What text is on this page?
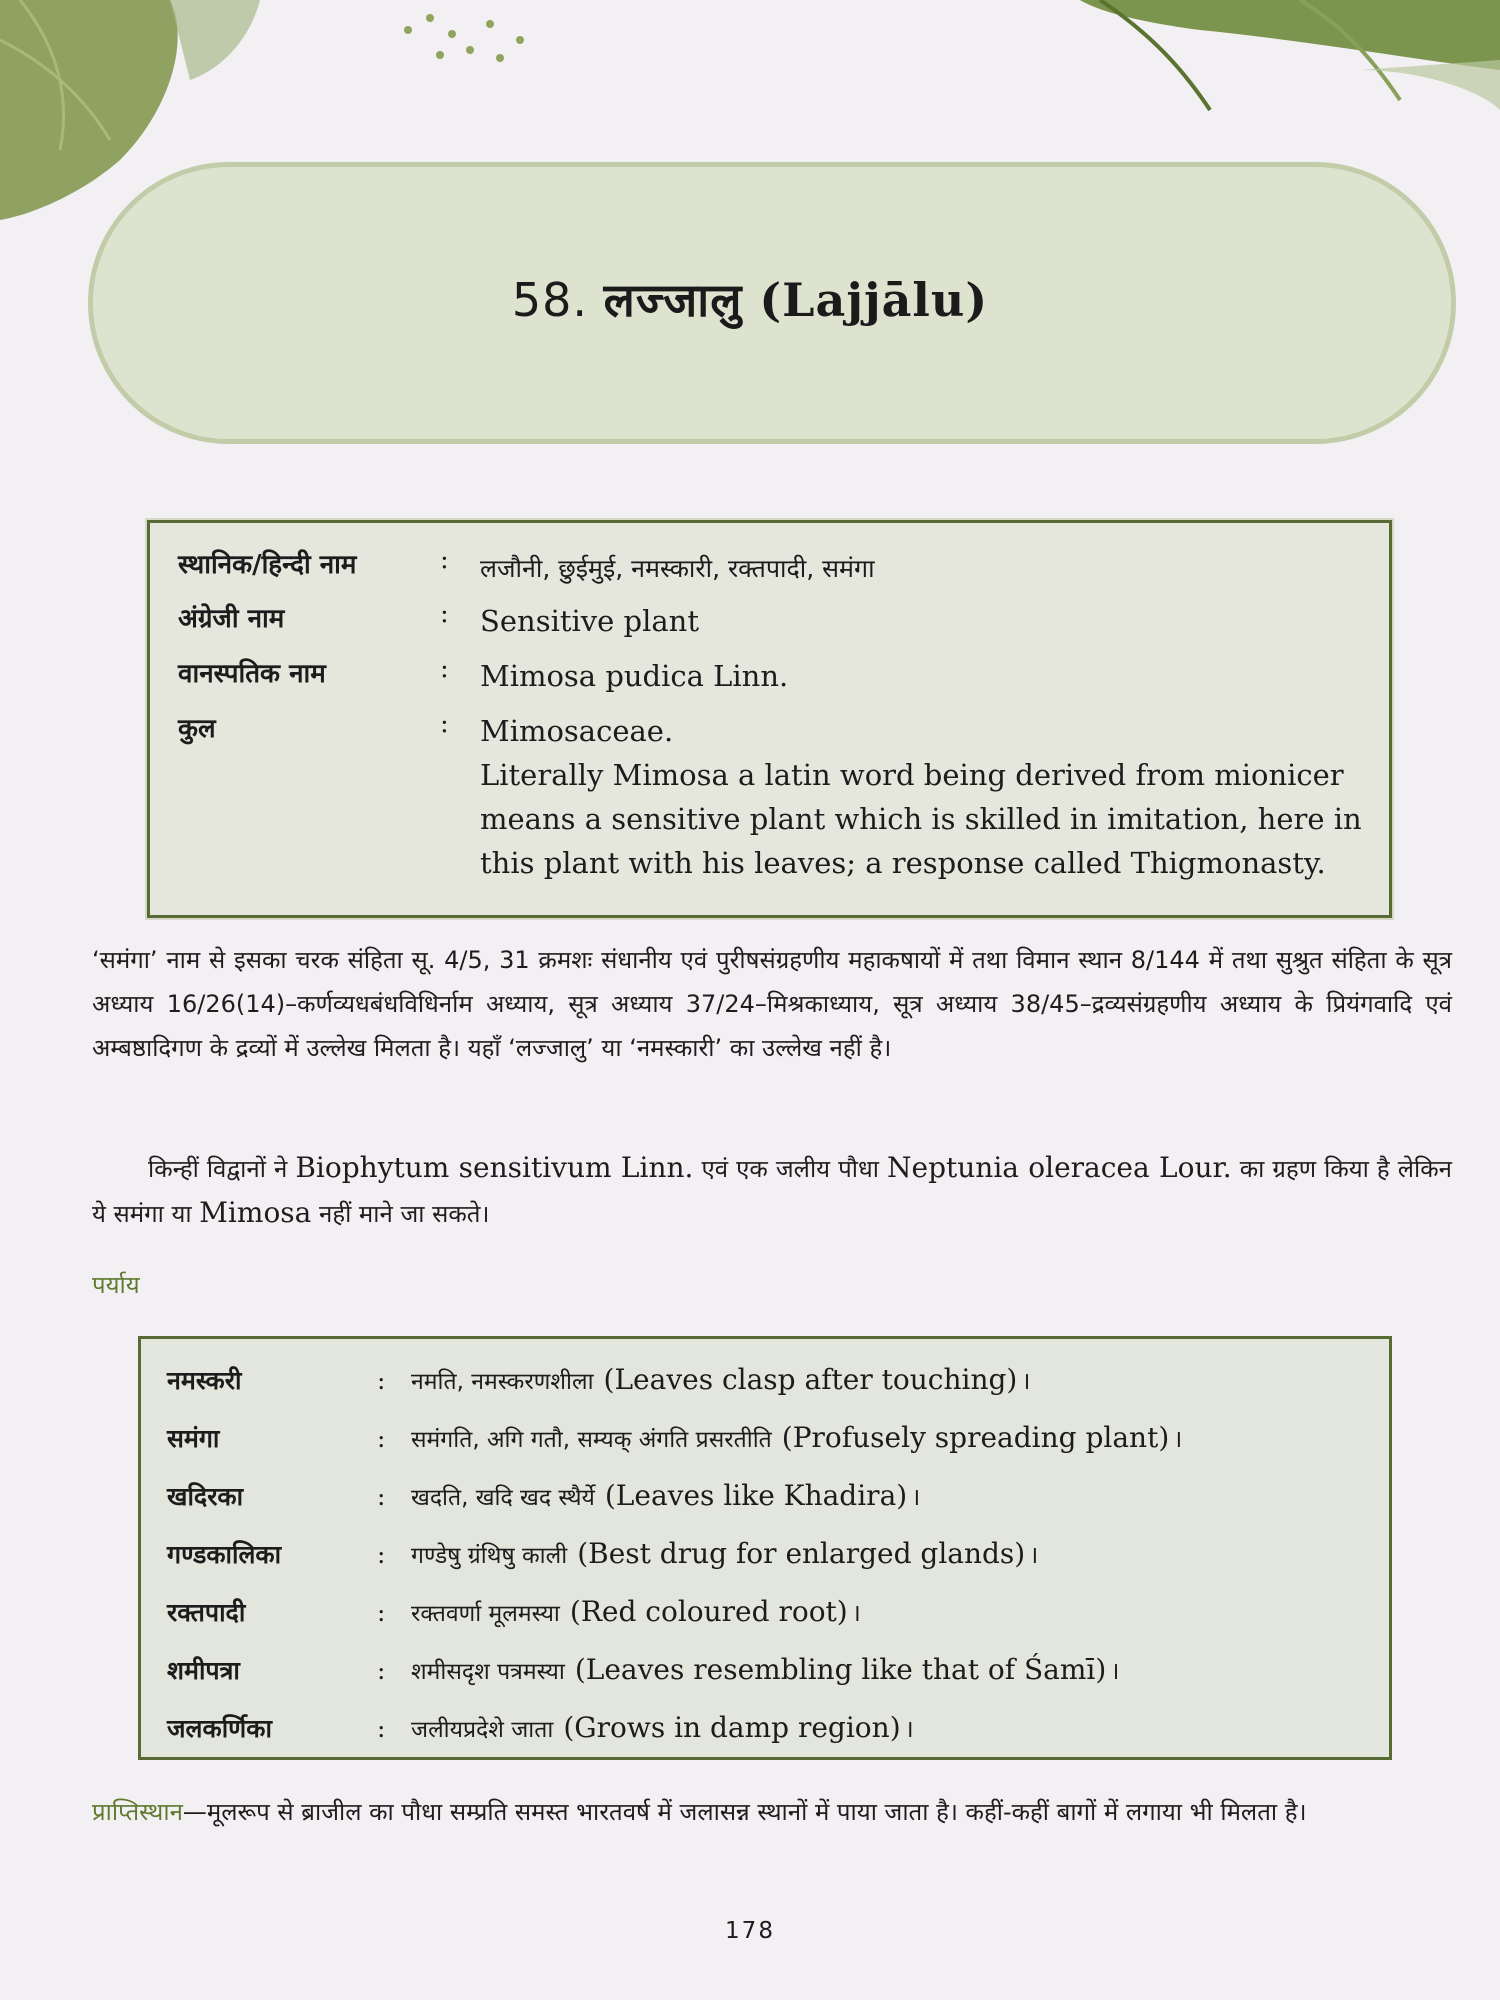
58. लज्जालु (Lajjālu)
स्थानिक/हिन्दी नाम	:	लजौनी, छुईमुई, नमस्कारी, रक्तपादी, समंगा
अंग्रेजी नाम	:	Sensitive plant
वानस्पतिक नाम	:	Mimosa pudica Linn.
कुल	:	Mimosaceae.
Literally Mimosa a latin word being derived from mionicer
means a sensitive plant which is skilled in imitation, here in
this plant with his leaves; a response called Thigmonasty.
‘समंगा’ नाम से इसका चरक संहिता सू. 4/5, 31 क्रमशः संधानीय एवं पुरीषसंग्रहणीय महाकषायों में तथा विमान स्थान 8/144 में तथा सुश्रुत संहिता के सूत्र अध्याय 16/26(14)–कर्णव्यधबंधविधिर्नाम अध्याय, सूत्र अध्याय 37/24–मिश्रकाध्याय, सूत्र अध्याय 38/45–द्रव्यसंग्रहणीय अध्याय के प्रियंगवादि एवं अम्बष्ठादिगण के द्रव्यों में उल्लेख मिलता है। यहाँ ‘लज्जालु’ या ‘नमस्कारी’ का उल्लेख नहीं है।
किन्हीं विद्वानों ने Biophytum sensitivum Linn. एवं एक जलीय पौधा Neptunia oleracea Lour. का ग्रहण किया है लेकिन ये समंगा या Mimosa नहीं माने जा सकते।
पर्याय
नमस्करी	:	नमति, नमस्करणशीला (Leaves clasp after touching) ।
समंगा	:	समंगति, अगि गतौ, सम्यक् अंगति प्रसरतीति (Profusely spreading plant) ।
खदिरका	:	खदति, खदि खद स्थैर्ये (Leaves like Khadira) ।
गण्डकालिका	:	गण्डेषु ग्रंथिषु काली (Best drug for enlarged glands) ।
रक्तपादी	:	रक्तवर्णा मूलमस्या (Red coloured root) ।
शमीपत्रा	:	शमीसदृश पत्रमस्या (Leaves resembling like that of Śamī) ।
जलकर्णिका	:	जलीयप्रदेशे जाता (Grows in damp region) ।
प्राप्तिस्थान—मूलरूप से ब्राजील का पौधा सम्प्रति समस्त भारतवर्ष में जलासन्न स्थानों में पाया जाता है। कहीं-कहीं बागों में लगाया भी मिलता है।
178
